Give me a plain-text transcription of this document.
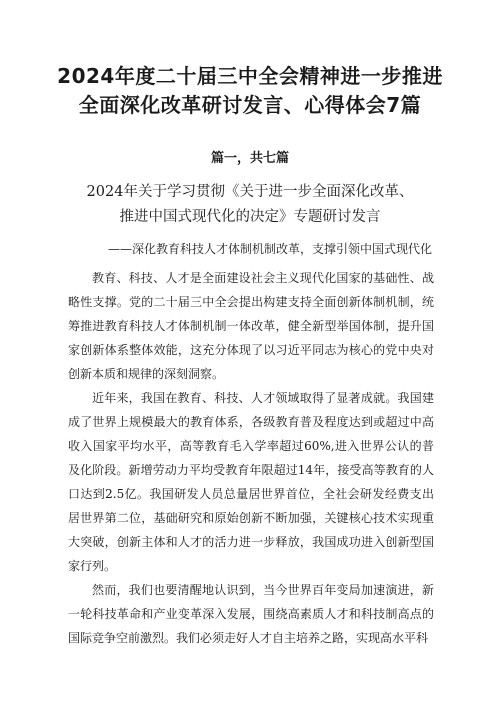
2024年度二十届三中全会精神进一步推进
全面深化改革研讨发言、心得体会7篇
篇一，共七篇
2024年关于学习贯彻《关于进一步全面深化改革、
推进中国式现代化的决定》专题研讨发言
——深化教育科技人才体制机制改革，支撑引领中国式现代化

教育、科技、人才是全面建设社会主义现代化国家的基础性、战略性支撑。党的二十届三中全会提出构建支持全面创新体制机制，统筹推进教育科技人才体制机制一体改革，健全新型举国体制，提升国家创新体系整体效能，这充分体现了以习近平同志为核心的党中央对创新本质和规律的深刻洞察。

近年来，我国在教育、科技、人才领域取得了显著成就。我国建成了世界上规模最大的教育体系，各级教育普及程度达到或超过中高收入国家平均水平，高等教育毛入学率超过60%,进入世界公认的普及化阶段。新增劳动力平均受教育年限超过14年，接受高等教育的人口达到2.5亿。我国研发人员总量居世界首位，全社会研发经费支出居世界第二位，基础研究和原始创新不断加强，关键核心技术实现重大突破，创新主体和人才的活力进一步释放，我国成功进入创新型国家行列。

然而，我们也要清醒地认识到，当今世界百年变局加速演进，新一轮科技革命和产业变革深入发展，围绕高素质人才和科技制高点的国际竞争空前激烈。我们必须走好人才自主培养之路，实现高水平科
